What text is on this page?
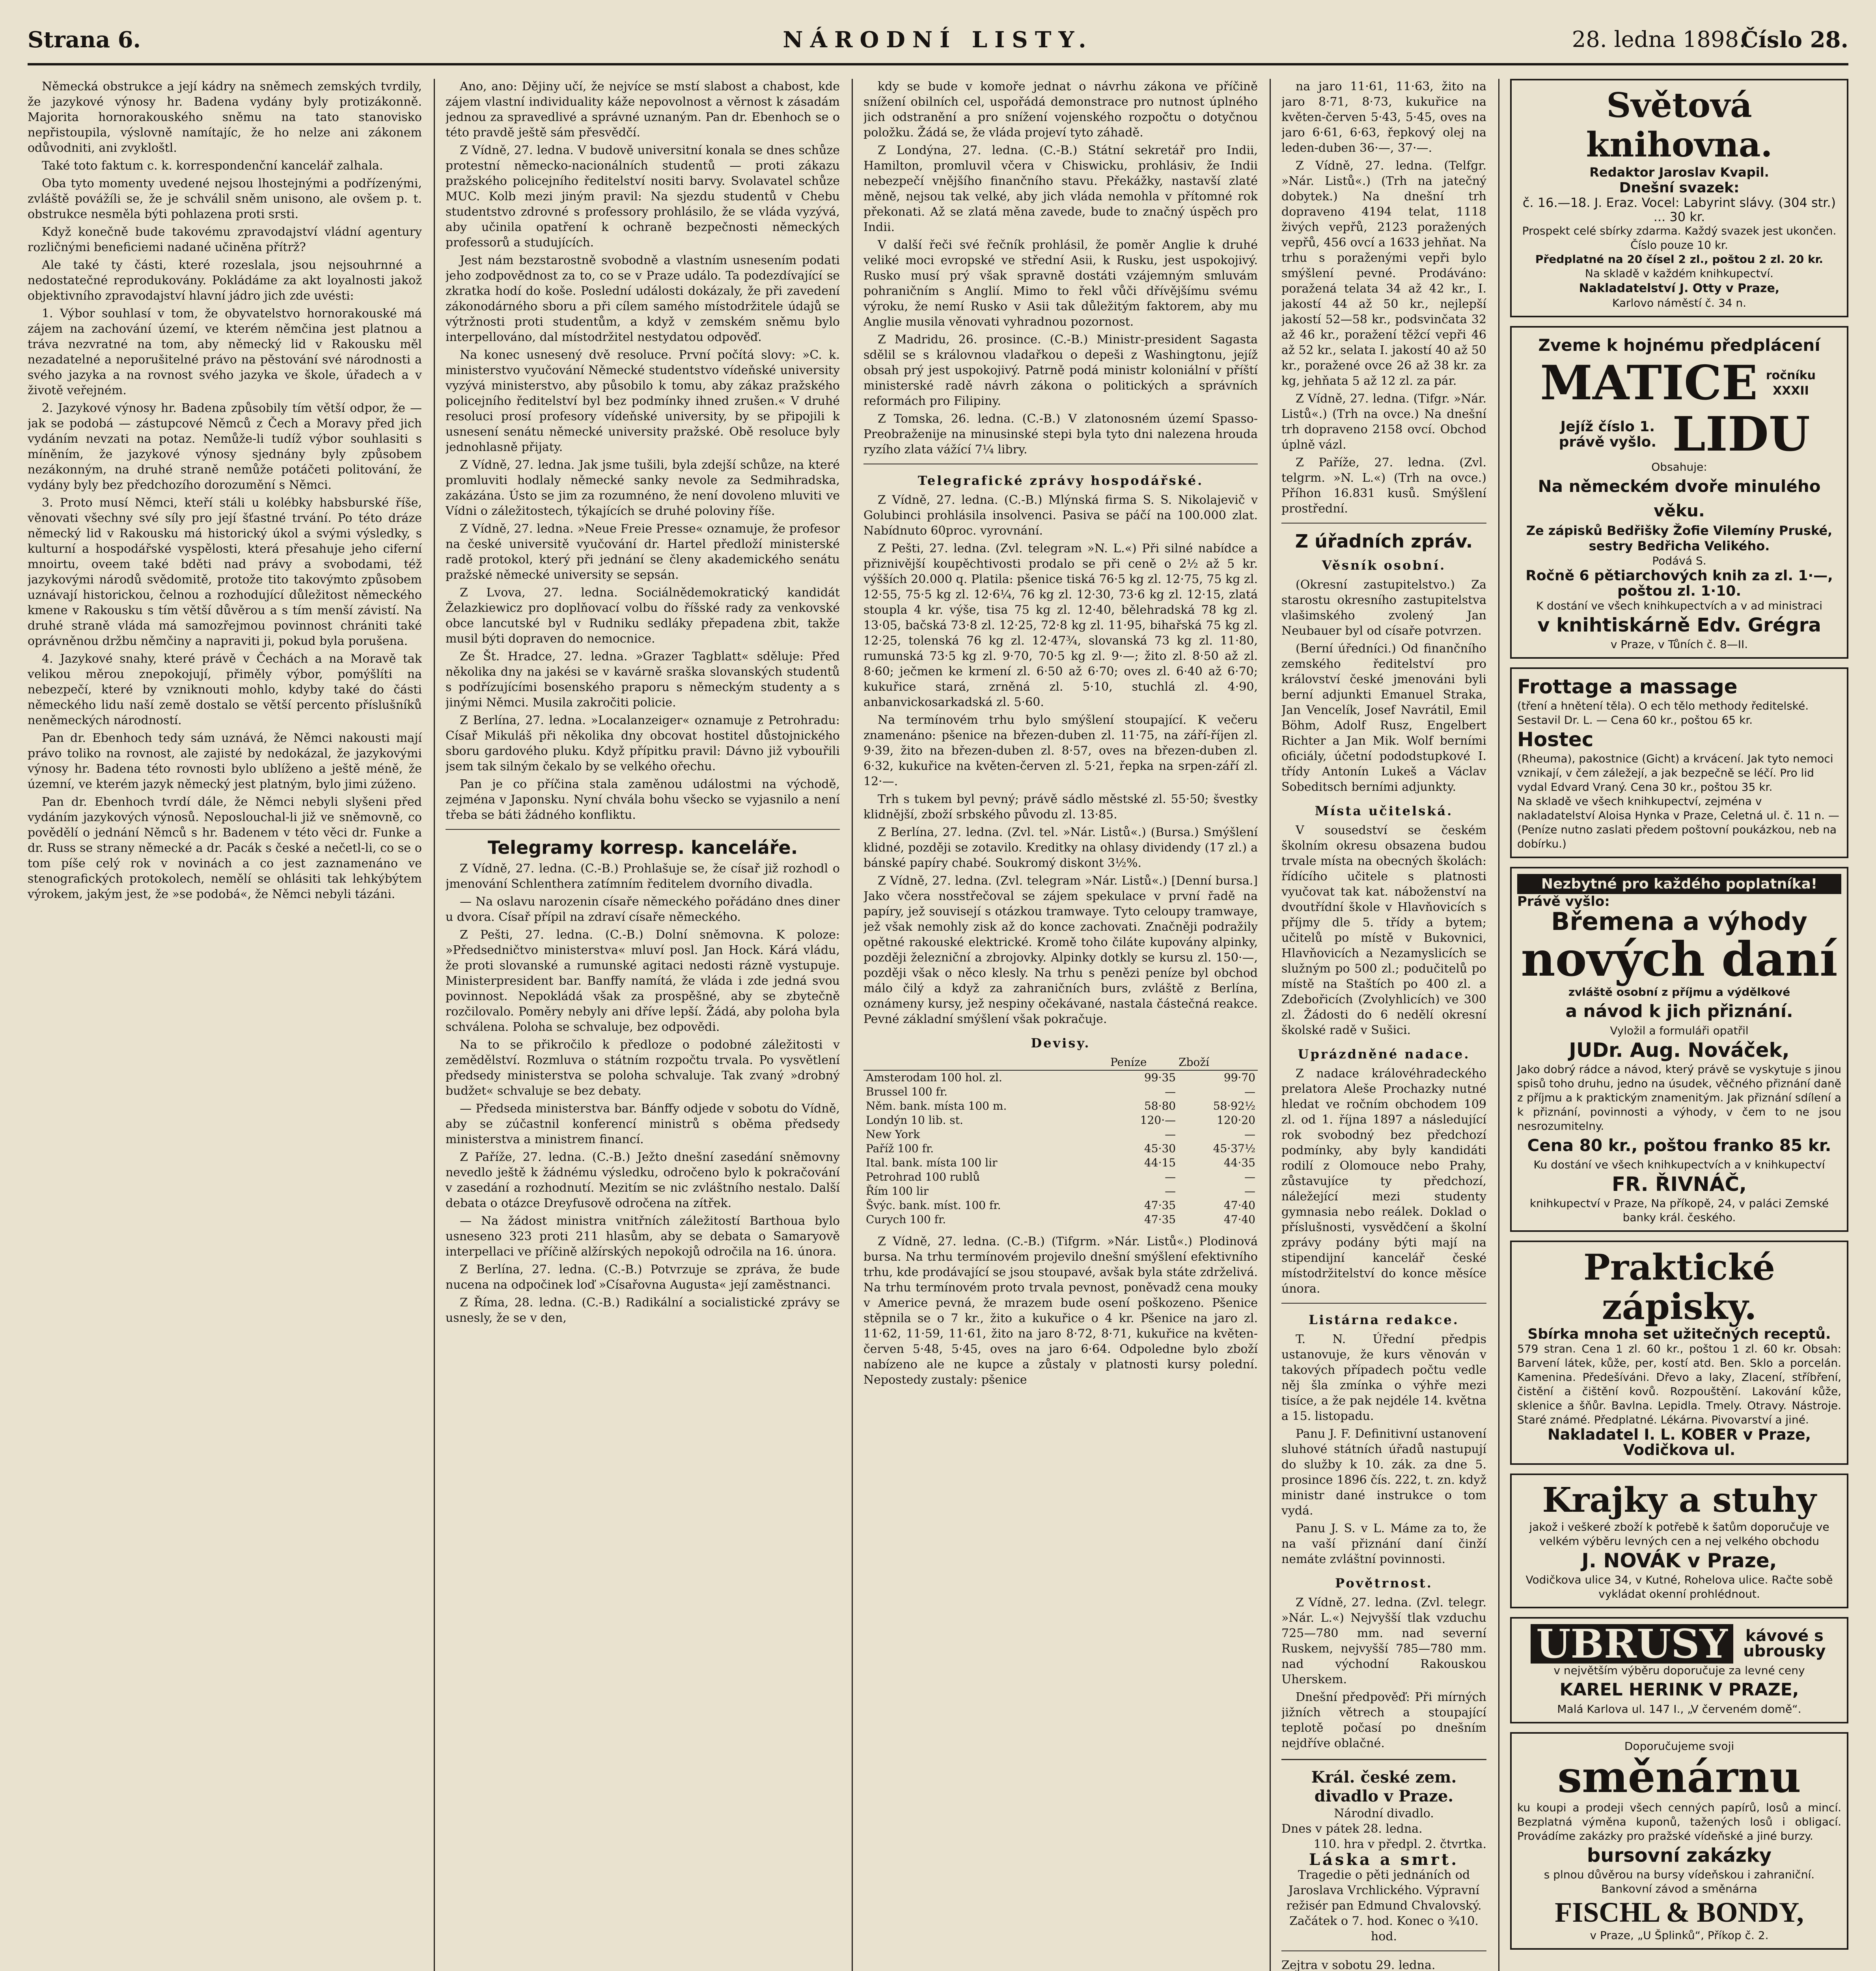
Strana 6.	NÁRODNÍ LISTY.	28. ledna 1898.
Číslo 28.

Německá obstrukce a její kádry na sněmech zemských tvrdily, že jazykové výnosy hr. Badena vydány byly protizákonně. Majorita hornorakouského sněmu na tato stanovisko nepřistoupila, výslovně namítajíc, že ho nelze ani zákonem odůvodniti, ani zvykloštl.

Také toto faktum c. k. korrespondenční kancelář zalhala.

Oba tyto momenty uvedené nejsou lhostejnými a podřízenými, zvláště povážíli se, že je schválil sněm unisono, ale ovšem p. t. obstrukce nesměla býti pohlazena proti srsti.

Když konečně bude takovému zpravodajství vládní agentury rozličnými beneficiemi nadané učiněna přítrž?

Ale také ty části, které rozeslala, jsou nejsouhrnné a nedostatečné reprodukovány. Pokládáme za akt loyalnosti jakož objektivního zpravodajství hlavní jádro jich zde uvésti:

1. Výbor souhlasí v tom, že obyvatelstvo hornorakouské má zájem na zachování území, ve kterém němčina jest platnou a tráva nezvratné na tom, aby německý lid v Rakousku měl nezadatelné a neporušitelné právo na pěstování své národnosti a svého jazyka a na rovnost svého jazyka ve škole, úřadech a v životě veřejném.

2. Jazykové výnosy hr. Badena způsobily tím větší odpor, že — jak se podobá — zástupcové Němců z Čech a Moravy před jich vydáním nevzati na potaz. Nemůže-li tudíž výbor souhlasiti s míněním, že jazykové výnosy sjednány byly způsobem nezákonným, na druhé straně nemůže potáčeti politování, že vydány byly bez předchozího dorozumění s Němci.

3. Proto musí Němci, kteří stáli u kolébky habsburské říše, věnovati všechny své síly pro její šťastné trvání. Po této dráze německý lid v Rakousku má historický úkol a svými výsledky, s kulturní a hospodářské vyspělosti, která přesahuje jeho cifernı́ mnoirtu, oveem také bděti nad právy a svobodami, též jazykovými národů svědomitě, protože tito takovýmto způsobem uznávají historickou, čelnou a rozhodující důležitost německého kmene v Rakousku s tím větší důvěrou a s tím menší závistí. Na druhé straně vláda má samozřejmou povinnost chrániti také oprávněnou držbu němčiny a napraviti ji, pokud byla porušena.

4. Jazykové snahy, které právě v Čechách a na Moravě tak velikou měrou znepokojují, přiměly výbor, pomýšlíti na nebezpečí, které by vzniknouti mohlo, kdyby také do části německého lidu naší země dostalo se větší percento příslušníků neněmeckých národností.

Pan dr. Ebenhoch tedy sám uznává, že Němci nakousti mají právo toliko na rovnost, ale zajisté by nedokázal, že jazykovými výnosy hr. Badena této rovnosti bylo ublíženo a ještě méně, že územní, ve kterém jazyk německý jest platným, bylo jimi zúženo.

Pan dr. Ebenhoch tvrdí dále, že Němci nebyli slyšeni před vydáním jazykových výnosů. Neposlouchal-li již ve sněmovně, co povědělí o jednání Němců s hr. Badenem v této věci dr. Funke a dr. Russ se strany německé a dr. Pacák s české a nečetl-li, co se o tom píše celý rok v novinách a co jest zaznamenáno ve stenografických protokolech, nemělí se ohlásiti tak lehkýbýtem výrokem, jakým jest, že »se podobá«, že Němci nebyli tázáni.

Ano, ano: Dějiny učí, že nejvíce se mstí slabost a chabost, kde zájem vlastní individuality káže nepovolnost a věrnost k zásadám jednou za spravedlivé a správné uznaným. Pan dr. Ebenhoch se o této pravdě ještě sám přesvědčí.

Z Vídně, 27. ledna. V budově universitní konala se dnes schůze protestní německo-nacionálních studentů — proti zákazu pražského policejního ředitelství nositi barvy. Svolavatel schůze MUC. Kolb mezi jiným pravil: Na sjezdu studentů v Chebu studentstvo zdrovné s professory prohlásilo, že se vláda vyzývá, aby učinila opatření k ochraně bezpečnosti německých professorů a studujících.

Jest nám bezstarostně svobodně a vlastním usnesením podati jeho zodpovědnost za to, co se v Praze událo. Ta podezdívající se zkratka hodí do koše. Poslední události dokázaly, že při zavedení zákonodárného sboru a při cílem samého místodržitele údajů se výtržnosti proti studentům, a když v zemském sněmu bylo interpellováno, dal místodržitel nestydatou odpověď.

Na konec usnesený dvě resoluce. První počítá slovy: »C. k. ministerstvo vyučování Německé studentstvo vídeňské university vyzývá ministerstvo, aby působilo k tomu, aby zákaz pražského policejního ředitelství byl bez podmínky ihned zrušen.« V druhé resoluci prosí profesory vídeňské university, by se připojili k usnesení senátu německé university pražské. Obě resoluce byly jednohlasně přijaty.

Z Vídně, 27. ledna. Jak jsme tušili, byla zdejší schůze, na které promluviti hodlaly německé sanky nevole za Sedmihradska, zakázána. Ústo se jim za rozumnéno, že není dovoleno mluviti ve Vídni o záležitostech, týkajících se druhé poloviny říše.

Z Vídně, 27. ledna. »Neue Freie Presse« oznamuje, že profesor na české universitě vyučování dr. Hartel předloží ministerské radě protokol, který při jednání se členy akademického senátu pražské německé university se sepsán.

Z Lvova, 27. ledna. Sociálnědemokratický kandidát Želazkiewicz pro doplňovací volbu do říšské rady za venkovské obce lancutské byl v Rudniku sedláky přepadena zbit, takže musil býti dopraven do nemocnice.

Ze Št. Hradce, 27. ledna. »Grazer Tagblatt« sděluje: Před několika dny na jakési se v kavárně sraška slovanských studentů s podřízujícími bosenského praporu s německým studenty a s jinými Němci. Musila zakročiti policie.

Z Berlína, 27. ledna. »Localanzeiger« oznamuje z Petrohradu: Císař Mikuláš při několika dny obcovat hostitel důstojnického sboru gardového pluku. Když přípitku pravil: Dávno již vybouřili jsem tak silným čekalo by se velkého ořechu.

Pan je co příčina stala zaměnou událostmi na východě, zejména v Japonsku. Nyní chvála bohu všecko se vyjasnilo a není třeba se báti žádného konfliktu.

Telegramy korresp. kanceláře.

Z Vídně, 27. ledna. (C.-B.) Prohlašuje se, že císař již rozhodl o jmenování Schlenthera zatímním ředitelem dvorního divadla.

— Na oslavu narozenin císaře německého pořádáno dnes diner u dvora. Císař přípil na zdraví císaře německého.

Z Pešti, 27. ledna. (C.-B.) Dolní sněmovna. K poloze: »Předsedničtvo ministerstva« mluví posl. Jan Hock. Kárá vládu, že proti slovanské a rumunské agitaci nedosti rázně vystupuje. Ministerpresident bar. Banffy namítá, že vláda i zde jedná svou povinnost. Nepokládá však za prospěšné, aby se zbytečně rozčilovalo. Poměry nebyly ani dříve lepší. Žádá, aby poloha byla schválena. Poloha se schvaluje, bez odpovědi.

Na to se přikročilo k předloze o podobné záležitosti v zemědělství. Rozmluva o státním rozpočtu trvala. Po vysvětlení předsedy ministerstva se poloha schvaluje. Tak zvaný »drobný budžet« schvaluje se bez debaty.

— Předseda ministerstva bar. Bánffy odjede v sobotu do Vídně, aby se zúčastnil konferencí ministrů s oběma předsedy ministerstva a ministrem financí.

Z Paříže, 27. ledna. (C.-B.) Ježto dnešní zasedání sněmovny nevedlo ještě k žádnému výsledku, odročeno bylo k pokračování v zasedání a rozhodnutí. Mezitím se nic zvláštního nestalo. Další debata o otázce Dreyfusově odročena na zítřek.

— Na žádost ministra vnitřních záležitostí Barthoua bylo usneseno 323 proti 211 hlasům, aby se debata o Samaryově interpellaci ve příčině alžírských nepokojů odročila na 16. února.

Z Berlína, 27. ledna. (C.-B.) Potvrzuje se zpráva, že bude nucena na odpočinek loď »Císařovna Augusta« její zaměstnanci.

Z Říma, 28. ledna. (C.-B.) Radikální a socialistické zprávy se usnesly, že se v den,

kdy se bude v komoře jednat o návrhu zákona ve příčině snížení obilních cel, uspořádá demonstrace pro nutnost úplného jich odstranění a pro snížení vojenského rozpočtu o dotyčnou položku. Žádá se, že vláda projeví tyto záhadě.

Z Londýna, 27. ledna. (C.-B.) Státní sekretář pro Indii, Hamilton, promluvil včera v Chiswicku, prohlásiv, že Indii nebezpečí vnějšího finančního stavu. Překážky, nastavší zlaté měně, nejsou tak velké, aby jich vláda nemohla v přítomné rok překonati. Až se zlatá měna zavede, bude to značný úspěch pro Indii.

V další řeči své řečník prohlásil, že poměr Anglie k druhé veliké moci evropské ve střední Asii, k Rusku, jest uspokojivý. Rusko musí prý však spravně dostáti vzájemným smluvám pohraničním s Anglií. Mimo to řekl vůči dřívějšímu svému výroku, že nemí Rusko v Asii tak důležitým faktorem, aby mu Anglie musila věnovati vyhradnou pozornost.

Z Madridu, 26. prosince. (C.-B.) Ministr-president Sagasta sdělil se s královnou vladařkou o depeši z Washingtonu, jejíž obsah prý jest uspokojivý. Patrně podá ministr koloniální v příští ministerské radě návrh zákona o politických a správních reformách pro Filipiny.

Z Tomska, 26. ledna. (C.-B.) V zlatonosném území Spasso-Preobraženije na minusinské stepi byla tyto dni nalezena hrouda ryzího zlata vážící 7¼ libry.

Telegrafické zprávy hospodářské.

Z Vídně, 27. ledna. (C.-B.) Mlýnská firma S. S. Nikolajevič v Golubinci prohlásila insolvenci. Pasiva se páčí na 100.000 zlat. Nabídnuto 60proc. vyrovnání.

Z Pešti, 27. ledna. (Zvl. telegram »N. L.«) Při silné nabídce a přiznivější koupěchtivosti prodalo se při ceně o 2½ až 5 kr. výšších 20.000 q. Platila: pšenice tiská 76·5 kg zl. 12·75, 75 kg zl. 12·55, 75·5 kg zl. 12·6¼, 76 kg zl. 12·30, 73·6 kg zl. 12·15, zlatá stoupla 4 kr. výše, tisa 75 kg zl. 12·40, bělehradská 78 kg zl. 13·05, bačská 73·8 zl. 12·25, 72·8 kg zl. 11·95, bihařská 75 kg zl. 12·25, tolenská 76 kg zl. 12·47¾, slovanská 73 kg zl. 11·80, rumunská 73·5 kg zl. 9·70, 70·5 kg zl. 9·—; žito zl. 8·50 až zl. 8·60; ječmen ke krmení zl. 6·50 až 6·70; oves zl. 6·40 až 6·70; kukuřice stará, zrněná zl. 5·10, stuchlá zl. 4·90, anbanvickosarkadská zl. 5·60.

Na termínovém trhu bylo smýšlení stoupající. K večeru znamenáno: pšenice na březen-duben zl. 11·75, na září-říjen zl. 9·39, žito na březen-duben zl. 8·57, oves na březen-duben zl. 6·32, kukuřice na květen-červen zl. 5·21, řepka na srpen-září zl. 12·—.

Trh s tukem byl pevný; právě sádlo městské zl. 55·50; švestky klidnější, zboží srbského původu zl. 13·85.

Z Berlína, 27. ledna. (Zvl. tel. »Nár. Listů«.) (Bursa.) Smýšlení klidné, později se zotavilo. Kreditky na ohlasy dividendy (17 zl.) a bánské papíry chabé. Soukromý diskont 3½%.

Z Vídně, 27. ledna. (Zvl. telegram »Nár. Listů«.) [Denní bursa.] Jako včera nosstřečoval se zájem spekulace v první řadě na papíry, jež souvisejí s otázkou tramwaye. Tyto celoupy tramwaye, jež však nemohly zisk až do konce zachovati. Značněji podražily opětné rakouské elektrické. Kromě toho čiláte kupovány alpinky, později železniční a zbrojovky. Alpinky dotkly se kursu zl. 150·—, později však o něco klesly. Na trhu s penězi peníze byl obchod málo čilý a když za zahraničních burs, zvláště z Berlína, oznámeny kursy, jež nespiny očekávané, nastala částečná reakce. Pevné základní smýšlení však pokračuje.

Devisy.
	Peníze	Zboží
Amsterodam 100 hol. zl.	99·35	99·70
Brussel 100 fr.	—	—
Něm. bank. místa 100 m.	58·80	58·92½
Londýn 10 lib. st.	120·—	120·20
New York	—	—
Paříž 100 fr.	45·30	45·37½
Ital. bank. místa 100 lir	44·15	44·35
Petrohrad 100 rublů	—	—
Řím 100 lir	—	—
Švýc. bank. míst. 100 fr.	47·35	47·40
Curych 100 fr.	47·35	47·40

Z Vídně, 27. ledna. (C.-B.) (Tifgrm. »Nár. Listů«.) Plodinová bursa. Na trhu termínovém projevilo dnešní smýšlení efektivního trhu, kde prodávající se jsou stoupavé, avšak byla státe zdrželivá. Na trhu termínovém proto trvala pevnost, poněvadž cena mouky v Americe pevná, že mrazem bude osení poškozeno. Pšenice stěpnila se o 7 kr., žito a kukuřice o 4 kr. Pšenice na jaro zl. 11·62, 11·59, 11·61, žito na jaro 8·72, 8·71, kukuřice na květen-červen 5·48, 5·45, oves na jaro 6·64. Odpoledne bylo zboží nabízeno ale ne kupce a zůstaly v platnosti kursy polední. Nepostedy zustaly: pšenice

na jaro 11·61, 11·63, žito na jaro 8·71, 8·73, kukuřice na květen-červen 5·43, 5·45, oves na jaro 6·61, 6·63, řepkový olej na leden-duben 36·—, 37·—.

Z Vídně, 27. ledna. (Telfgr. »Nár. Listů«.) (Trh na jatečný dobytek.) Na dnešní trh dopraveno 4194 telat, 1118 živých vepřů, 2123 poražených vepřů, 456 ovcí a 1633 jehňat. Na trhu s poraženými vepři bylo smýšlení pevné. Prodáváno: poražená telata 34 až 42 kr., I. jakostí 44 až 50 kr., nejlepší jakostí 52—58 kr., podsvinčata 32 až 46 kr., poražení těžcí vepři 46 až 52 kr., selata I. jakostí 40 až 50 kr., poražené ovce 26 až 38 kr. za kg, jehňata 5 až 12 zl. za pár.

Z Vídně, 27. ledna. (Tifgr. »Nár. Listů«.) (Trh na ovce.) Na dnešní trh dopraveno 2158 ovcí. Obchod úplně vázl.

Z Paříže, 27. ledna. (Zvl. telgrm. »N. L.«) (Trh na ovce.) Příhon 16.831 kusů. Smýšlení prostřední.

Z úřadních zpráv.
Věsník osobní.

(Okresní zastupitelstvo.) Za starostu okresního zastupitelstva vlašimského zvolený Jan Neubauer byl od císaře potvrzen.

(Berní úředníci.) Od finančního zemského ředitelství pro království české jmenováni byli berní adjunkti Emanuel Straka, Jan Vencelík, Josef Navrátil, Emil Böhm, Adolf Rusz, Engelbert Richter a Jan Mik. Wolf berními oficiály, účetní pododstupkové I. třídy Antonín Lukeš a Václav Sobeditsch berními adjunkty.

Místa učitelská.

V sousedství se českém školním okresu obsazena budou trvale místa na obecných školách: řídícího učitele s platnosti vyučovat tak kat. náboženství na dvoutřídní škole v Hlavňovicích s příjmy dle 5. třídy a bytem; učitelů po místě v Bukovnici, Hlavňovicích a Nezamyslicích se služným po 500 zl.; podučitelů po místě na Staštích po 400 zl. a Zdebořicích (Zvolyhlicích) ve 300 zl. Žádosti do 6 nedělí okresní školské radě v Sušici.

Uprázdněné nadace.

Z nadace královéhradeckého prelatora Aleše Prochazky nutné hledat ve ročním obchodem 109 zl. od 1. října 1897 a následující rok svobodný bez předchozí podmínky, aby byly kandidáti rodilí z Olomouce nebo Prahy, zůstavujíce ty předchozí, náležející mezi studenty gymnasia nebo reálek. Doklad o příslušnosti, vysvědčení a školní zprávy podány býti mají na stipendijní kancelář české místodržitelství do konce měsíce února.

Listárna redakce.

T. N. Úřední předpis ustanovuje, že kurs věnován v takových případech počtu vedle něj šla zmínka o výhře mezi tisíce, a že pak nejdéle 14. května a 15. listopadu.

Panu J. F. Definitivní ustanovení sluhové státních úřadů nastupují do služby k 10. zák. za dne 5. prosince 1896 čís. 222, t. zn. když ministr dané instrukce o tom vydá.

Panu J. S. v L. Máme za to, že na vaší přiznání daní činží nemáte zvláštní povinnosti.

Povětrnost.

Z Vídně, 27. ledna. (Zvl. telegr. »Nár. L.«) Nejvyšší tlak vzduchu 725—780 mm. nad severní Ruskem, nejvyšší 785—780 mm. nad východní Rakouskou Uherskem.

Dnešní předpověď: Při mírných jižních větrech a stoupající teplotě počasí po dnešním nejdříve oblačné.

Král. české zem. divadlo v Praze.
Národní divadlo.
Dnes v pátek 28. ledna.
110. hra v předpl. 2. čtvrtka.
Láska a smrt.
Tragedie o pěti jednáních od Jaroslava Vrchlického. Výpravní režisér pan Edmund Chvalovský.
Začátek o 7. hod. Konec o ¾10. hod.
Zejtra v sobotu 29. ledna.
Světová knihovna.
Redaktor Jaroslav Kvapil.
Dnešní svazek:
č. 16.—18. J. Eraz. Vocel: Labyrint slávy. (304 str.) ... 30 kr.
Prospekt celé sbírky zdarma. Každý svazek jest ukončen. Číslo pouze 10 kr.
Předplatné na 20 čísel 2 zl., poštou 2 zl. 20 kr.
Na skladě v každém knihkupectví.
Nakladatelství J. Otty v Praze,
Karlovo náměstí č. 34 n.
Zveme k hojnému předplácení
MATICE ročníku XXXII
Jejíž číslo 1. právě vyšlo. LIDU
Obsahuje:
Na německém dvoře minulého věku.
Ze zápisků Bedřišky Žofie Vilemíny Pruské, sestry Bedřicha Velikého.
Podává S.
Ročně 6 pětiarchových knih za zl. 1·—, poštou zl. 1·10.
K dostání ve všech knihkupectvích a v ad ministraci
v knihtiskárně Edv. Grégra
v Praze, v Tůních č. 8—II.
Frottage a massage
(tření a hnětení těla). O ech tělo methody ředitelské. Sestavil Dr. L. — Cena 60 kr., poštou 65 kr.
Hostec
(Rheuma), pakostnice (Gicht) a krvácení. Jak tyto nemoci vznikají, v čem záležejí, a jak bezpečně se léčí. Pro lid vydal Edvard Vraný. Cena 30 kr., poštou 35 kr.
Na skladě ve všech knihkupectví, zejména v nakladatelství Aloisa Hynka v Praze, Celetná ul. č. 11 n. — (Peníze nutno zaslati předem poštovní poukázkou, neb na dobírku.)
Nezbytné pro každého poplatníka!
Právě vyšlo:
Břemena a výhody
nových daní
zvláště osobní z příjmu a výdělkové
a návod k jich přiznání.
Vyložil a formuláři opatřil
JUDr. Aug. Nováček,
Jako dobrý rádce a návod, který právě se vyskytuje s jinou spisů toho druhu, jedno na úsudek, věčného přiznání daně z příjmu a k praktickým znamenitým. Jak přiznání sdílení a k přiznání, povinnosti a výhody, v čem to ne jsou nesrozumitelny.
Cena 80 kr., poštou franko 85 kr.
Ku dostání ve všech knihkupectvích a v knihkupectví
FR. ŘIVNÁČ,
knihkupectví v Praze, Na příkopě, 24, v paláci Zemské banky král. českého.
Praktické zápisky.
Sbírka mnoha set užitečných receptů.
579 stran. Cena 1 zl. 60 kr., poštou 1 zl. 60 kr. Obsah: Barvení látek, kůže, per, kostí atd. Ben. Sklo a porcelán. Kamenina. Předešíváni. Dřevo a laky, Zlacení, stříbření, čistění a čištění kovů. Rozpouštění. Lakování kůže, sklenice a šňůr. Bavlna. Lepidla. Tmely. Otravy. Nástroje. Staré známé. Předplatné. Lékárna. Pivovarství a jiné.
Nakladatel I. L. KOBER v Praze, Vodičkova ul.
Krajky a stuhy
jakož i veškeré zboží k potřebě k šatům doporučuje ve velkém výběru levných cen a nej velkého obchodu
J. NOVÁK v Praze,
Vodičkova ulice 34, v Kutné, Rohelova ulice. Račte sobě vykládat okenní prohlédnout.
UBRUSY	kávové s ubrousky
v největším výběru doporučuje za levné ceny
KAREL HERINK V PRAZE,
Malá Karlova ul. 147 I., „V červeném domě“.
Doporučujeme svoji
směnárnu
ku koupi a prodeji všech cenných papírů, losů a mincí. Bezplatná výměna kuponů, tažených losů i obligací. Provádíme zakázky pro pražské vídeňské a jiné burzy.
bursovní zakázky
s plnou důvěrou na bursy vídeňskou i zahraniční.
Bankovní závod a směnárna
FISCHL & BONDY,
v Praze, „U Šplinků“, Příkop č. 2.
